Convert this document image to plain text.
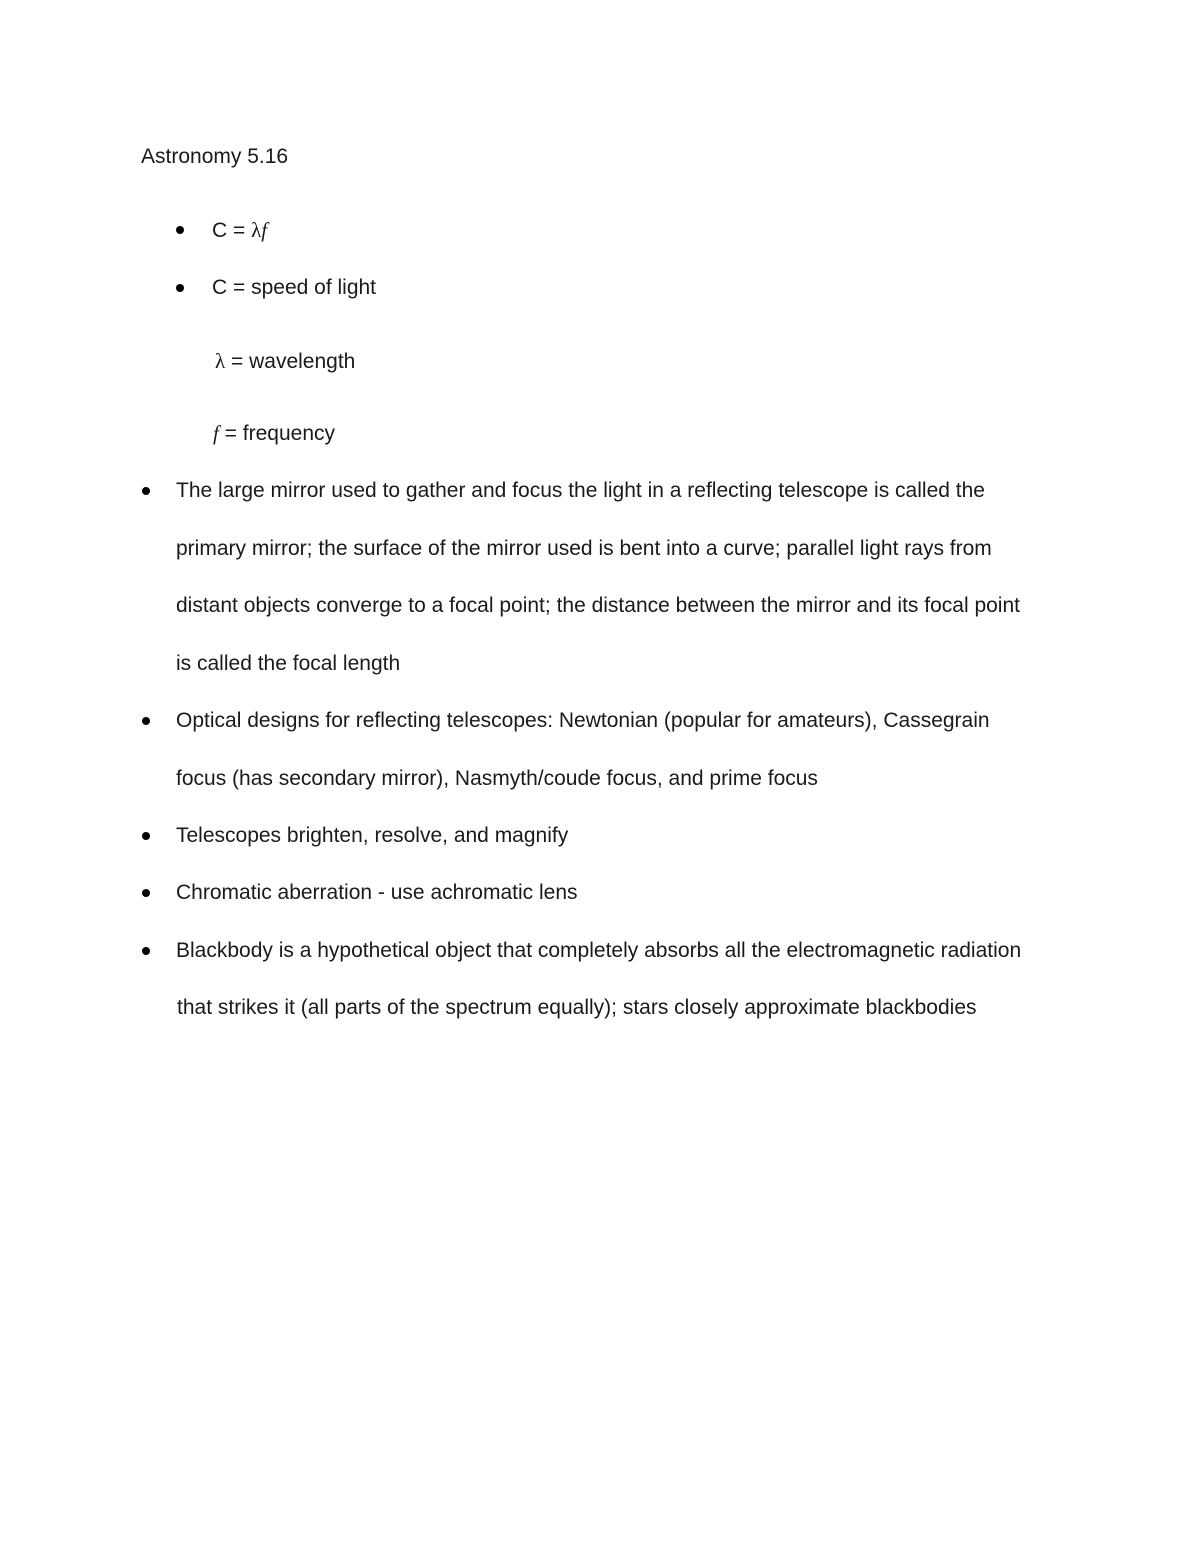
Astronomy 5.16
C = λf
C = speed of light
λ = wavelength
f = frequency
The large mirror used to gather and focus the light in a reflecting telescope is called the
primary mirror; the surface of the mirror used is bent into a curve; parallel light rays from
distant objects converge to a focal point; the distance between the mirror and its focal point
is called the focal length
Optical designs for reflecting telescopes: Newtonian (popular for amateurs), Cassegrain
focus (has secondary mirror), Nasmyth/coude focus, and prime focus
Telescopes brighten, resolve, and magnify
Chromatic aberration - use achromatic lens
Blackbody is a hypothetical object that completely absorbs all the electromagnetic radiation
that strikes it (all parts of the spectrum equally); stars closely approximate blackbodies
